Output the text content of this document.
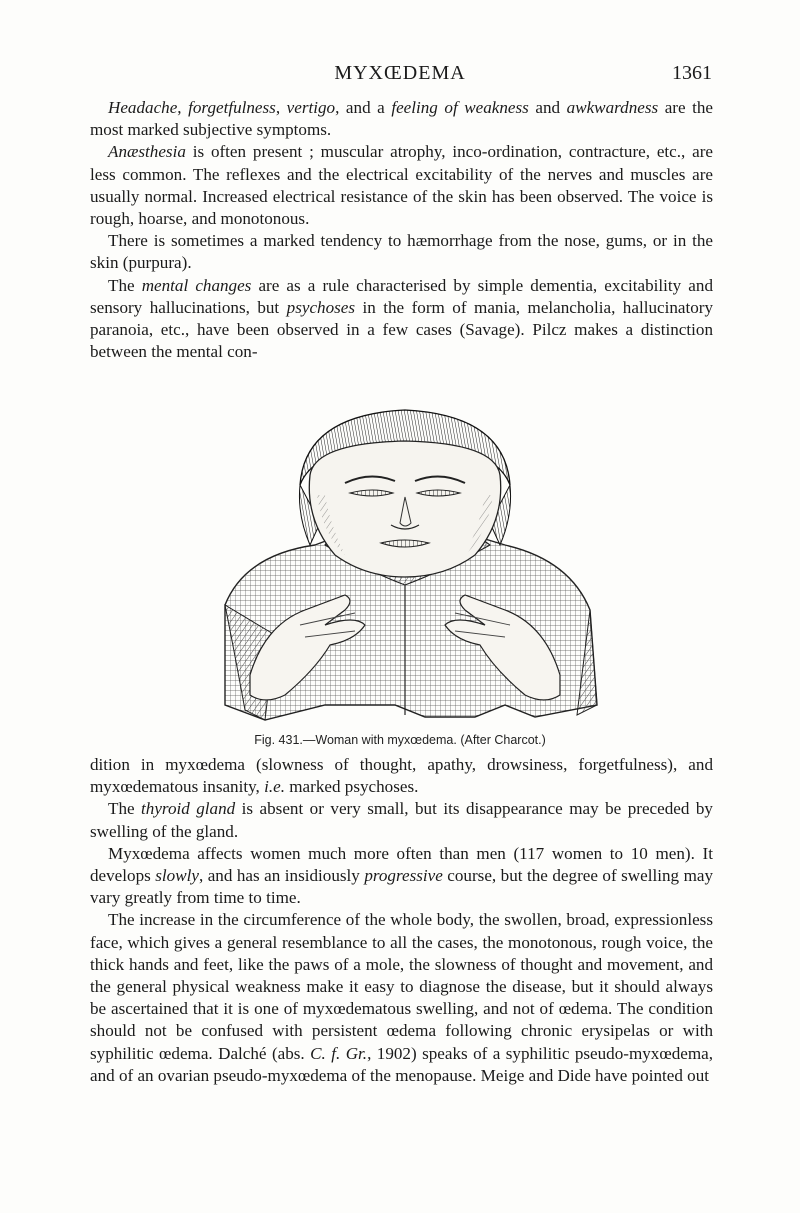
MYXŒDEMA	1361

Headache, forgetfulness, vertigo, and a feeling of weakness and awkwardness are the most marked subjective symptoms.

Anæsthesia is often present ; muscular atrophy, inco-ordination, contracture, etc., are less common. The reflexes and the electrical excitability of the nerves and muscles are usually normal. Increased electrical resistance of the skin has been observed. The voice is rough, hoarse, and monotonous.

There is sometimes a marked tendency to hæmorrhage from the nose, gums, or in the skin (purpura).

The mental changes are as a rule characterised by simple dementia, excitability and sensory hallucinations, but psychoses in the form of mania, melancholia, hallucinatory paranoia, etc., have been observed in a few cases (Savage). Pilcz makes a distinction between the mental con-

Fig. 431.—Woman with myxœdema. (After Charcot.)

dition in myxœdema (slowness of thought, apathy, drowsiness, forgetfulness), and myxœdematous insanity, i.e. marked psychoses.

The thyroid gland is absent or very small, but its disappearance may be preceded by swelling of the gland.

Myxœdema affects women much more often than men (117 women to 10 men). It develops slowly, and has an insidiously progressive course, but the degree of swelling may vary greatly from time to time.

The increase in the circumference of the whole body, the swollen, broad, expressionless face, which gives a general resemblance to all the cases, the monotonous, rough voice, the thick hands and feet, like the paws of a mole, the slowness of thought and movement, and the general physical weakness make it easy to diagnose the disease, but it should always be ascertained that it is one of myxœdematous swelling, and not of œdema. The condition should not be confused with persistent œdema following chronic erysipelas or with syphilitic œdema. Dalché (abs. C. f. Gr., 1902) speaks of a syphilitic pseudo-myxœdema, and of an ovarian pseudo-myxœdema of the menopause. Meige and Dide have pointed out
